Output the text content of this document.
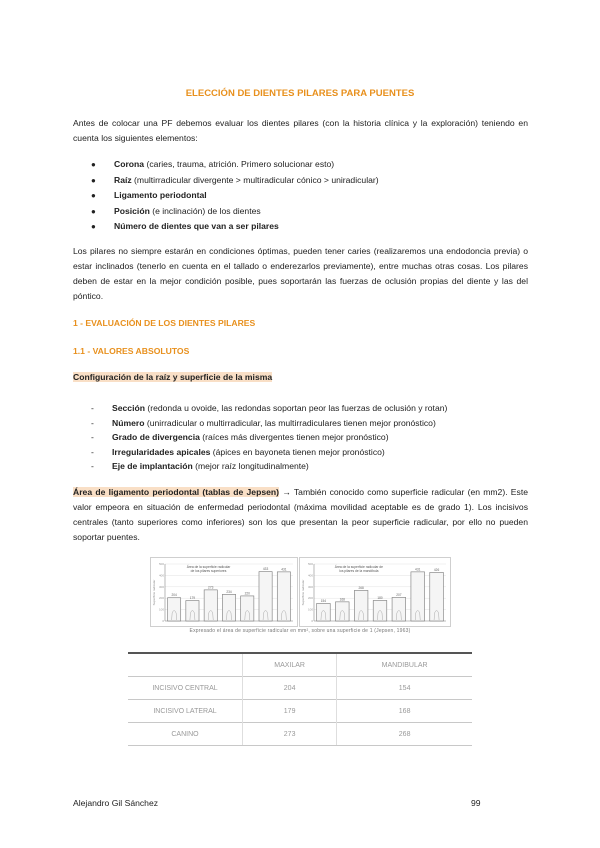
ELECCIÓN DE DIENTES PILARES PARA PUENTES
Antes de colocar una PF debemos evaluar los dientes pilares (con la historia clínica y la exploración) teniendo en cuenta los siguientes elementos:
● Corona (caries, trauma, atrición. Primero solucionar esto)
● Raíz (multirradicular divergente > multiradicular cónico > uniradicular)
● Ligamento periodontal
● Posición (e inclinación) de los dientes
● Número de dientes que van a ser pilares
Los pilares no siempre estarán en condiciones óptimas, pueden tener caries (realizaremos una endodoncia previa) o estar inclinados (tenerlo en cuenta en el tallado o enderezarlos previamente), entre muchas otras cosas. Los pilares deben de estar en la mejor condición posible, pues soportarán las fuerzas de oclusión propias del diente y las del póntico.
1 - EVALUACIÓN DE LOS DIENTES PILARES
1.1 - VALORES ABSOLUTOS
Configuración de la raíz y superficie de la misma
- Sección (redonda u ovoide, las redondas soportan peor las fuerzas de oclusión y rotan)
- Número (unirradicular o multirradicular, las multirradiculares tienen mejor pronóstico)
- Grado de divergencia (raíces más divergentes tienen mejor pronóstico)
- Irregularidades apicales (ápices en bayoneta tienen mejor pronóstico)
- Eje de implantación (mejor raíz longitudinalmente)
Área de ligamento periodontal (tablas de Jepsen) → También conocido como superficie radicular (en mm2). Este valor empeora en situación de enfermedad periodontal (máxima movilidad aceptable es de grado 1). Los incisivos centrales (tanto superiores como inferiores) son los que presentan la peor superficie radicular, por ello no pueden soportar puentes.
Superficie radicular
0
100
200
300
400
500
204
179
273
234	220
433	431
Área de la superficie radicular de los pilares superiores
Superficie radicular
0
100
200
300
400
500
154	168
268
180
207
431	426
Área de la superficie radicular de los pilares de la mandíbula
Expresado el área de superficie radicular en mm², sobre una superficie de 1 (Jepsen, 1963)
	MAXILAR	MANDIBULAR
INCISIVO CENTRAL	204	154
INCISIVO LATERAL	179	168
CANINO	273	268
Alejandro Gil Sánchez	99
